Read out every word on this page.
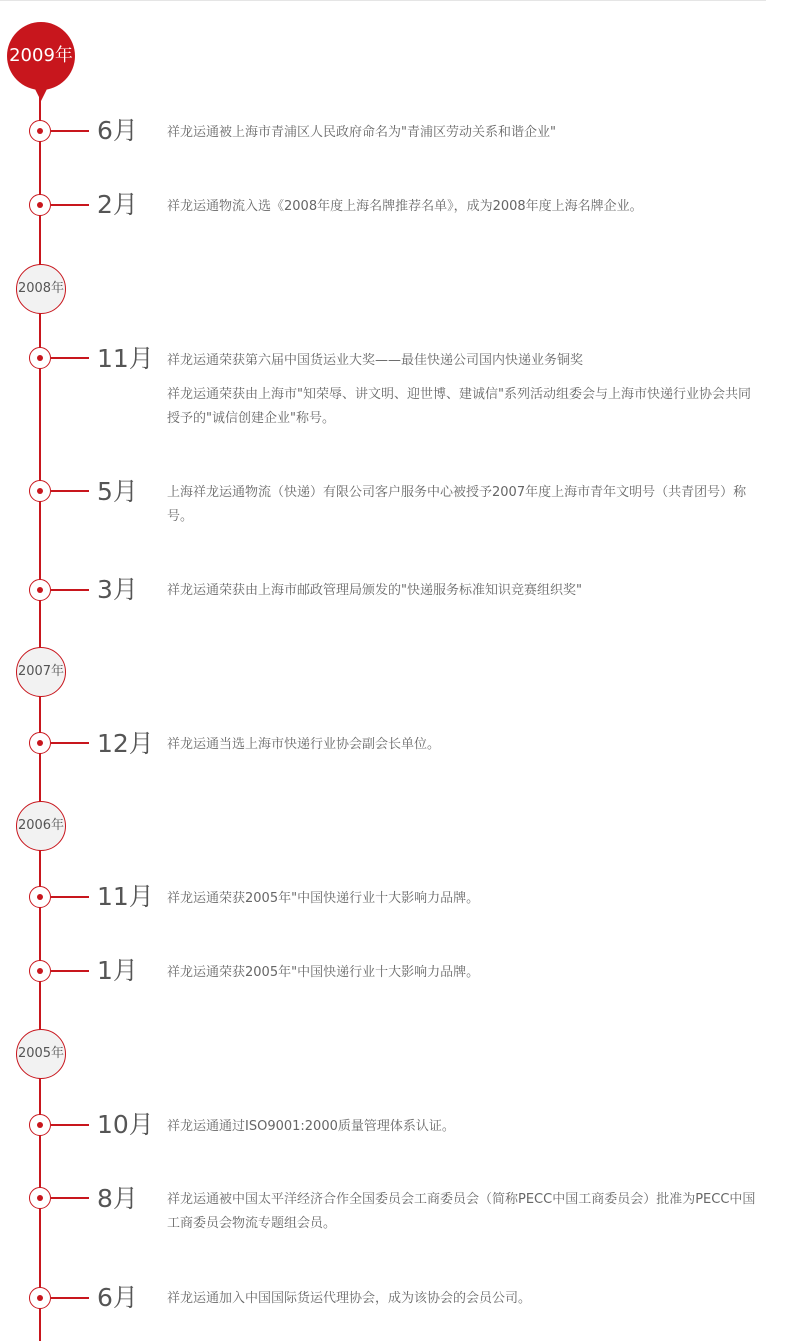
2009年
6月 祥龙运通被上海市青浦区人民政府命名为"青浦区劳动关系和谐企业"
2月 祥龙运通物流入选《2008年度上海名牌推荐名单》，成为2008年度上海名牌企业。
2008年
11月 祥龙运通荣获第六届中国货运业大奖——最佳快递公司国内快递业务铜奖
祥龙运通荣获由上海市"知荣辱、讲文明、迎世博、建诚信"系列活动组委会与上海市快递行业协会共同授予的"诚信创建企业"称号。
5月 上海祥龙运通物流（快递）有限公司客户服务中心被授予2007年度上海市青年文明号（共青团号）称号。
3月 祥龙运通荣获由上海市邮政管理局颁发的"快递服务标准知识竞赛组织奖"
2007年
12月 祥龙运通当选上海市快递行业协会副会长单位。
2006年
11月 祥龙运通荣获2005年"中国快递行业十大影响力品牌。
1月 祥龙运通荣获2005年"中国快递行业十大影响力品牌。
2005年
10月 祥龙运通通过ISO9001:2000质量管理体系认证。
8月 祥龙运通被中国太平洋经济合作全国委员会工商委员会（简称PECC中国工商委员会）批准为PECC中国工商委员会物流专题组会员。
6月 祥龙运通加入中国国际货运代理协会，成为该协会的会员公司。
